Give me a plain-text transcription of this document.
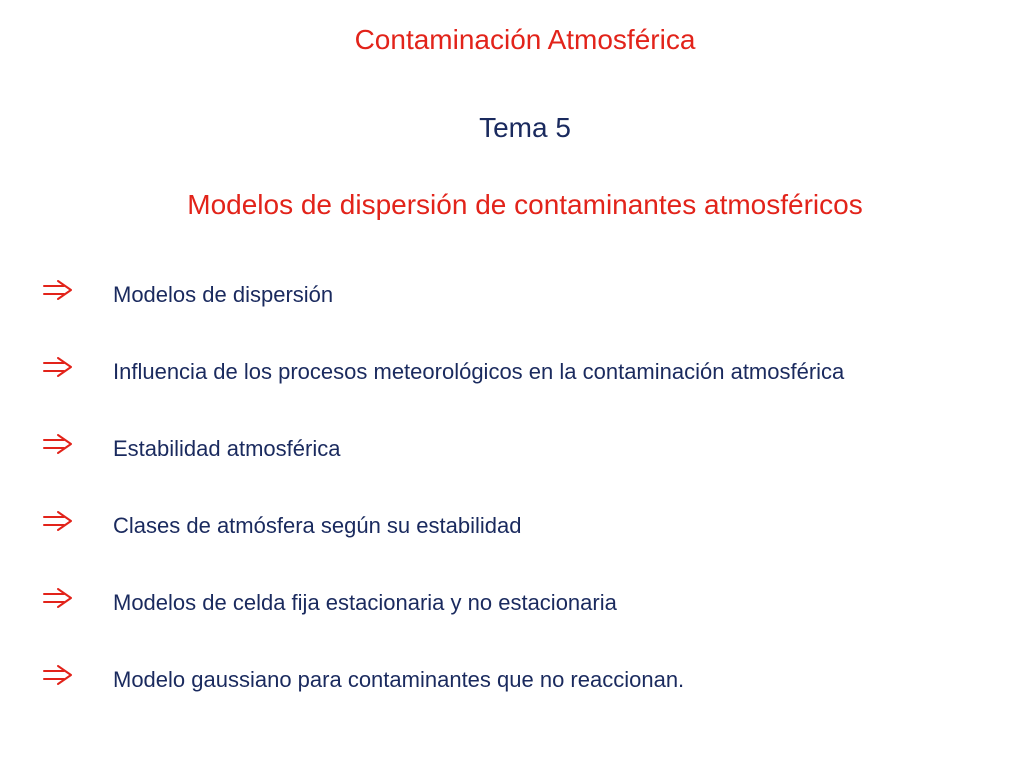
Contaminación Atmosférica
Tema 5
Modelos de dispersión de contaminantes atmosféricos
Modelos de dispersión
Influencia de los procesos meteorológicos en la contaminación atmosférica
Estabilidad atmosférica
Clases de atmósfera según su estabilidad
Modelos de celda fija estacionaria y no estacionaria
Modelo gaussiano para contaminantes que no reaccionan.
